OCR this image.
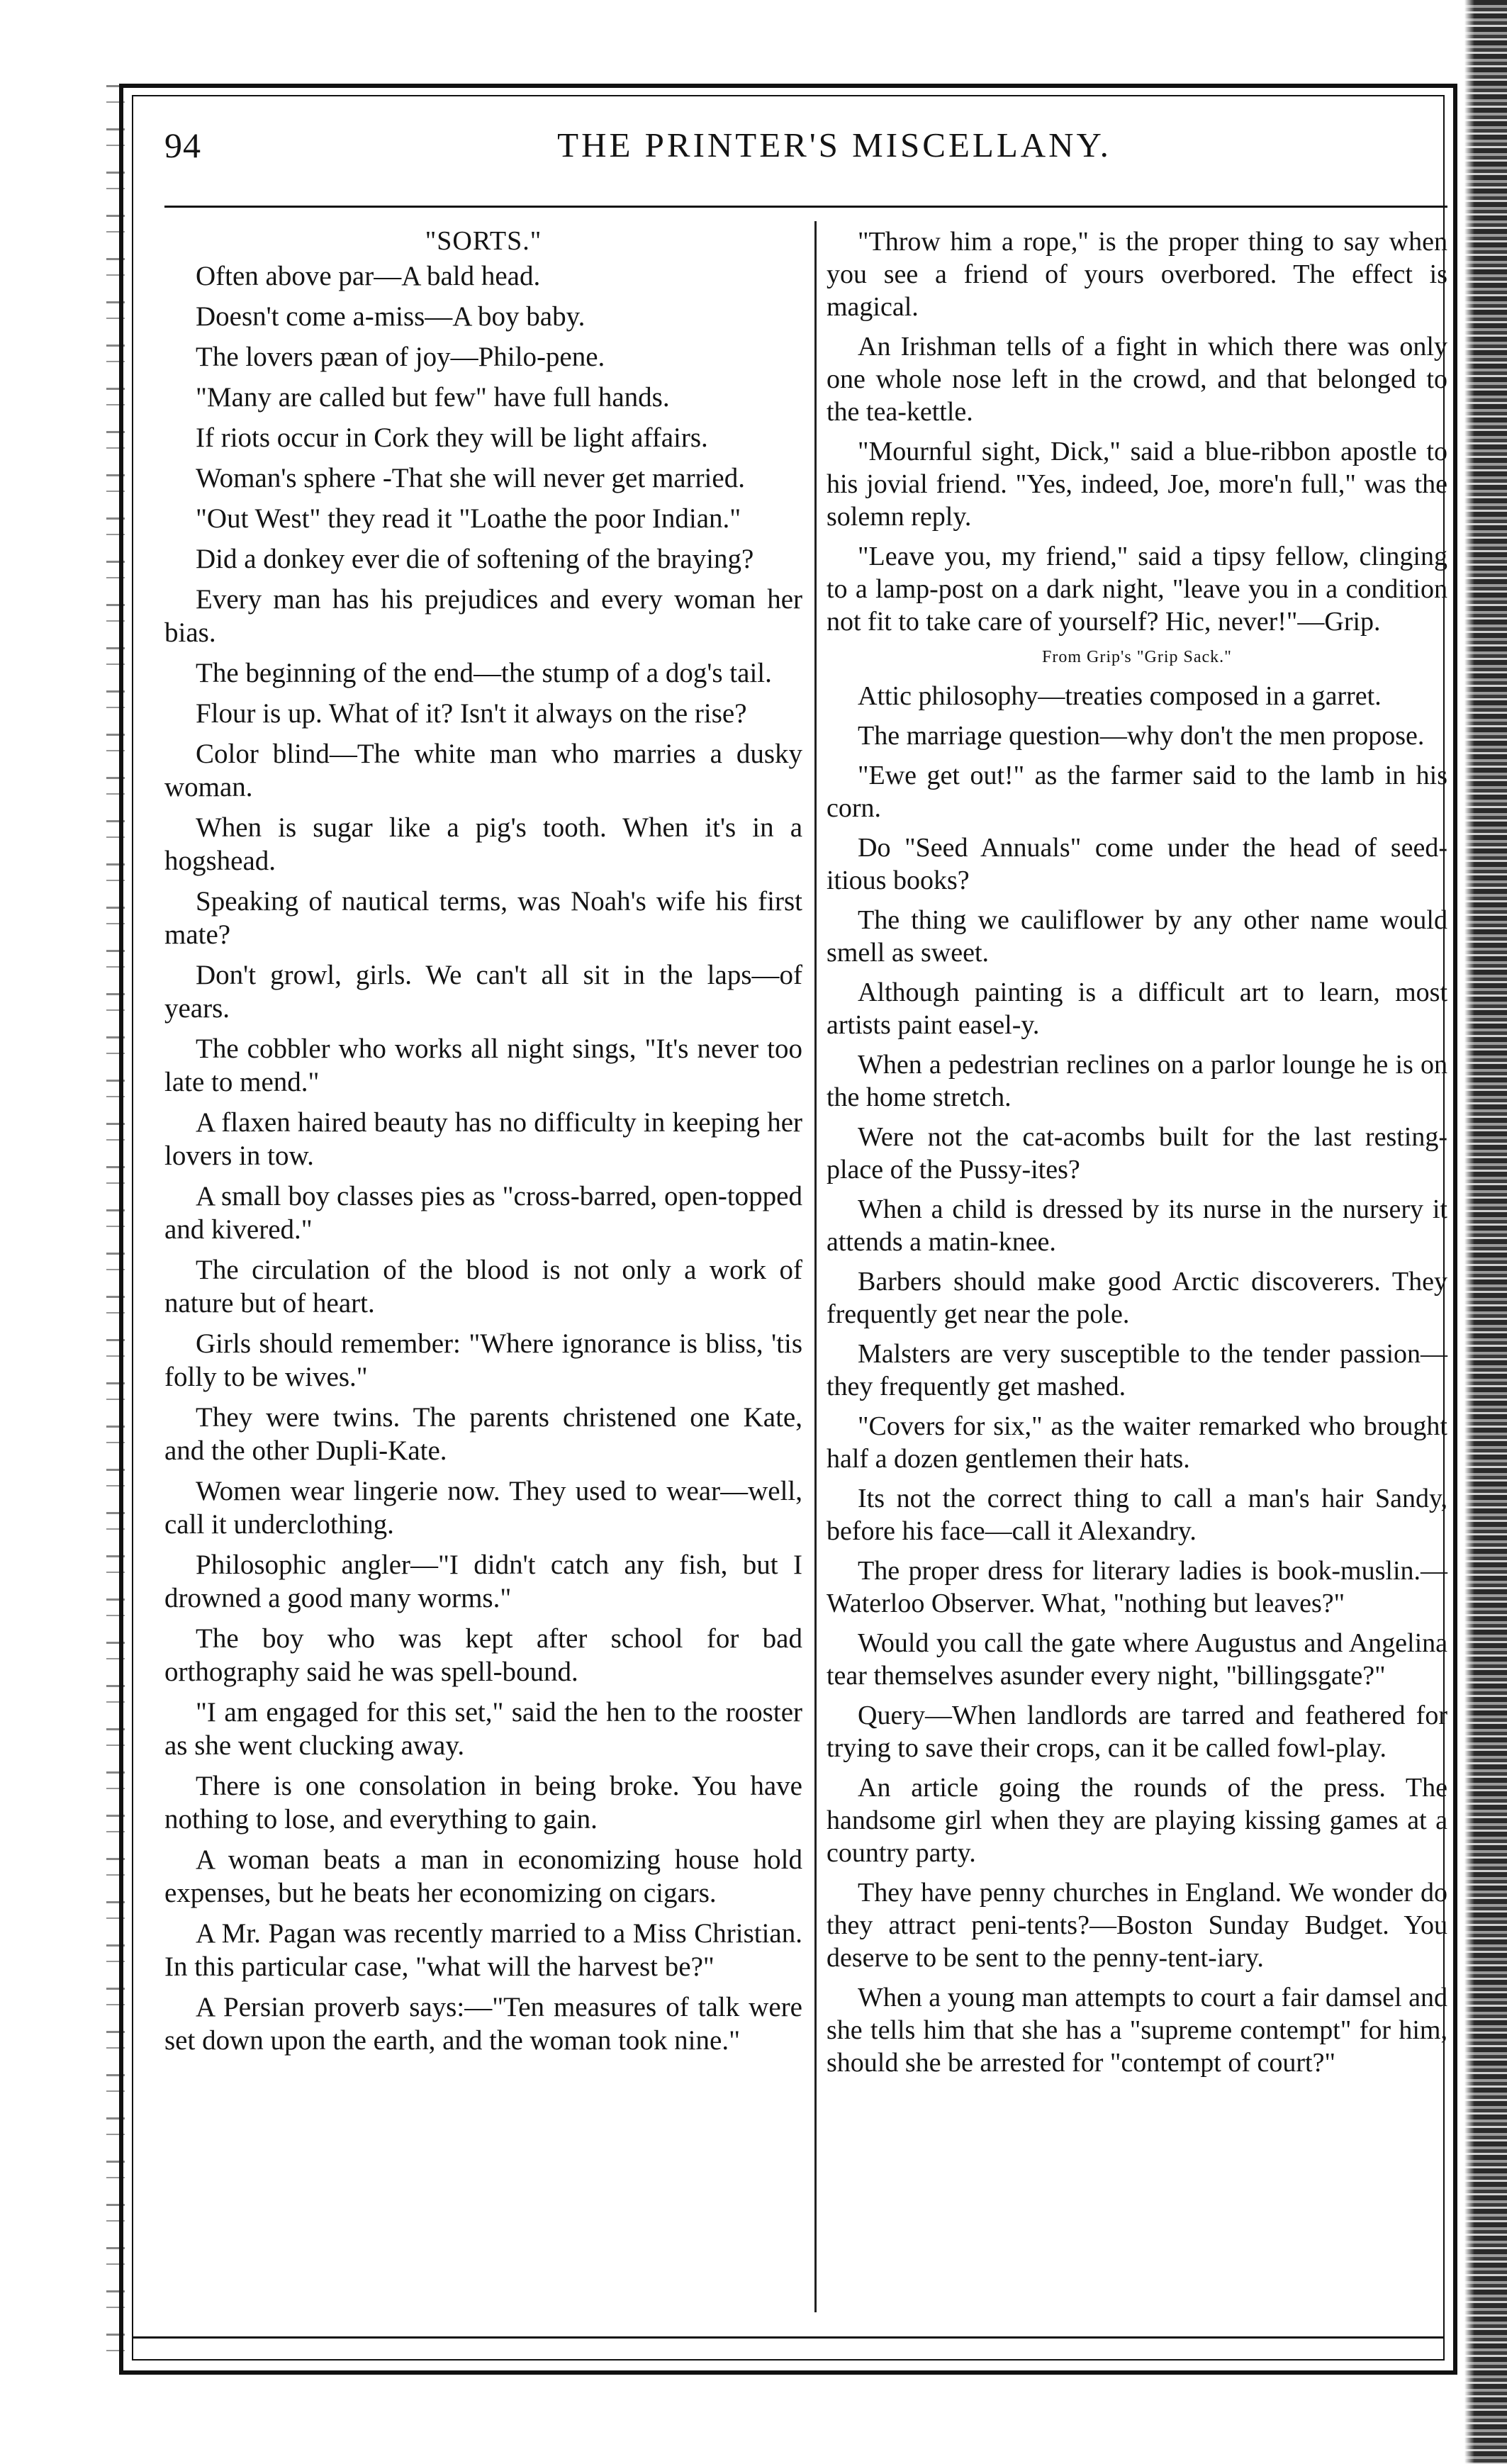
94	THE PRINTER'S MISCELLANY.
"SORTS."

Often above par—A bald head.

Doesn't come a-miss—A boy baby.

The lovers pæan of joy—Philo-pene.

"Many are called but few" have full hands.

If riots occur in Cork they will be light affairs.

Woman's sphere -That she will never get married.

"Out West" they read it "Loathe the poor Indian."

Did a donkey ever die of softening of the braying?

Every man has his prejudices and every woman her bias.

The beginning of the end—the stump of a dog's tail.

Flour is up. What of it? Isn't it always on the rise?

Color blind—The white man who marries a dusky woman.

When is sugar like a pig's tooth. When it's in a hogshead.

Speaking of nautical terms, was Noah's wife his first mate?

Don't growl, girls. We can't all sit in the laps—of years.

The cobbler who works all night sings, "It's never too late to mend."

A flaxen haired beauty has no difficulty in keeping her lovers in tow.

A small boy classes pies as "cross-barred, open-topped and kivered."

The circulation of the blood is not only a work of nature but of heart.

Girls should remember: "Where ignorance is bliss, 'tis folly to be wives."

They were twins. The parents christened one Kate, and the other Dupli-Kate.

Women wear lingerie now. They used to wear—well, call it underclothing.

Philosophic angler—"I didn't catch any fish, but I drowned a good many worms."

The boy who was kept after school for bad orthography said he was spell-bound.

"I am engaged for this set," said the hen to the rooster as she went clucking away.

There is one consolation in being broke. You have nothing to lose, and everything to gain.

A woman beats a man in economizing house hold expenses, but he beats her economizing on cigars.

A Mr. Pagan was recently married to a Miss Christian. In this particular case, "what will the harvest be?"

A Persian proverb says:—"Ten measures of talk were set down upon the earth, and the woman took nine."

"Throw him a rope," is the proper thing to say when you see a friend of yours overbored. The effect is magical.

An Irishman tells of a fight in which there was only one whole nose left in the crowd, and that belonged to the tea-kettle.

"Mournful sight, Dick," said a blue-ribbon apostle to his jovial friend. "Yes, indeed, Joe, more'n full," was the solemn reply.

"Leave you, my friend," said a tipsy fellow, clinging to a lamp-post on a dark night, "leave you in a condition not fit to take care of yourself? Hic, never!"—Grip.

From Grip's "Grip Sack."

Attic philosophy—treaties composed in a garret.

The marriage question—why don't the men propose.

"Ewe get out!" as the farmer said to the lamb in his corn.

Do "Seed Annuals" come under the head of seed-itious books?

The thing we cauliflower by any other name would smell as sweet.

Although painting is a difficult art to learn, most artists paint easel-y.

When a pedestrian reclines on a parlor lounge he is on the home stretch.

Were not the cat-acombs built for the last resting-place of the Pussy-ites?

When a child is dressed by its nurse in the nursery it attends a matin-knee.

Barbers should make good Arctic discoverers. They frequently get near the pole.

Malsters are very susceptible to the tender passion—they frequently get mashed.

"Covers for six," as the waiter remarked who brought half a dozen gentlemen their hats.

Its not the correct thing to call a man's hair Sandy, before his face—call it Alexandry.

The proper dress for literary ladies is book-muslin.—Waterloo Observer. What, "nothing but leaves?"

Would you call the gate where Augustus and Angelina tear themselves asunder every night, "billingsgate?"

Query—When landlords are tarred and feathered for trying to save their crops, can it be called fowl-play.

An article going the rounds of the press. The handsome girl when they are playing kissing games at a country party.

They have penny churches in England. We wonder do they attract peni-tents?—Boston Sunday Budget. You deserve to be sent to the penny-tent-iary.

When a young man attempts to court a fair damsel and she tells him that she has a "supreme contempt" for him, should she be arrested for "contempt of court?"
